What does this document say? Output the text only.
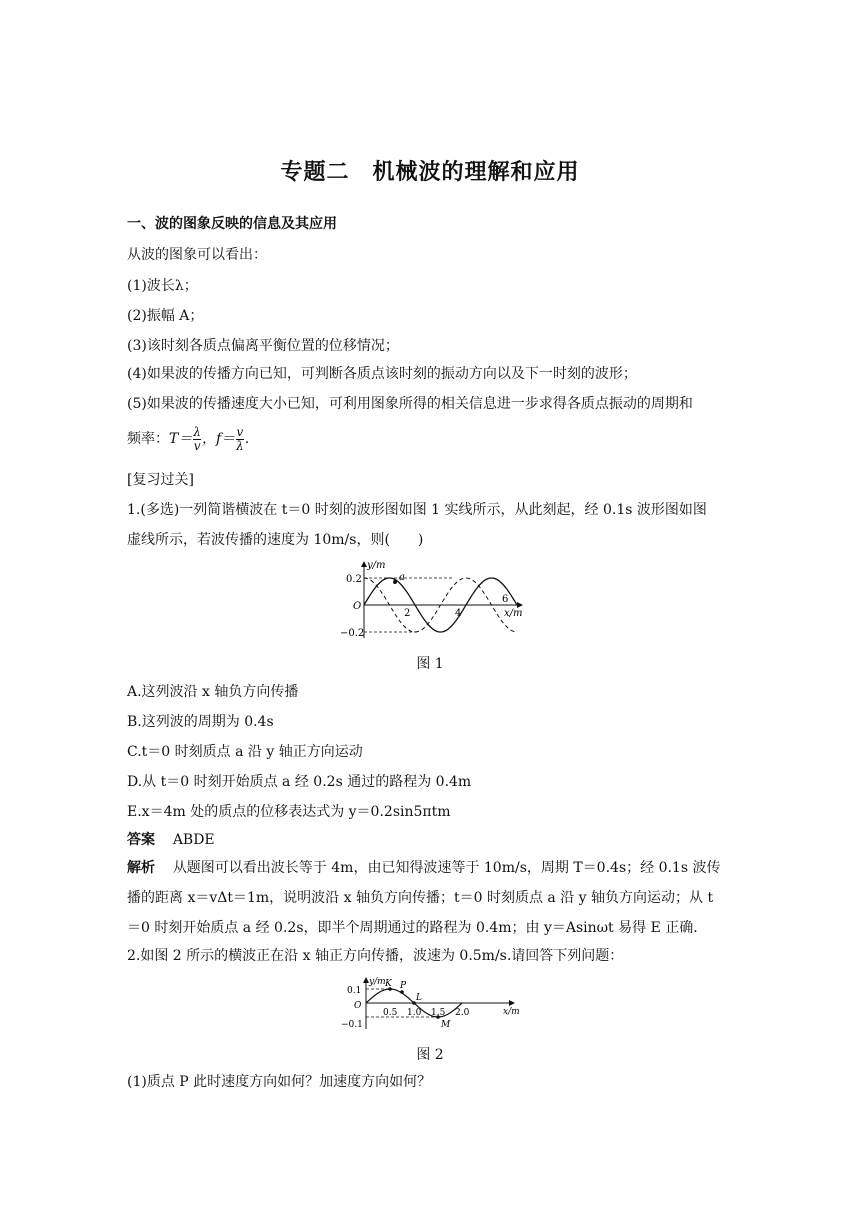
专题二　机械波的理解和应用
一、波的图象反映的信息及其应用
从波的图象可以看出：
(1)波长λ；
(2)振幅 A；
(3)该时刻各质点偏离平衡位置的位移情况；
(4)如果波的传播方向已知，可判断各质点该时刻的振动方向以及下一时刻的波形；
(5)如果波的传播速度大小已知，可利用图象所得的相关信息进一步求得各质点振动的周期和
频率：$T= \frac{\lambda}{v}$ ，$f= \frac{v}{\lambda}$ .
[复习过关]
1.(多选)一列简谐横波在 t＝0 时刻的波形图如图 1 实线所示，从此刻起，经 0.1s 波形图如图
虚线所示，若波传播的速度为 10m/s，则(　　)
y/m
x/m
O
0.2
−0.2
2	4
6
a
图 1
A.这列波沿 x 轴负方向传播
B.这列波的周期为 0.4s
C.t＝0 时刻质点 a 沿 y 轴正方向运动
D.从 t＝0 时刻开始质点 a 经 0.2s 通过的路程为 0.4m
E.x＝4m 处的质点的位移表达式为 y＝0.2sin5πtm
答案 ABDE
解析 从题图可以看出波长等于 4m，由已知得波速等于 10m/s，周期 T＝0.4s；经 0.1s 波传
播的距离 x＝vΔt＝1m，说明波沿 x 轴负方向传播；t＝0 时刻质点 a 沿 y 轴负方向运动；从 t
＝0 时刻开始质点 a 经 0.2s，即半个周期通过的路程为 0.4m；由 y＝Asinωt 易得 E 正确.
2.如图 2 所示的横波正在沿 x 轴正方向传播，波速为 0.5m/s.请回答下列问题：
y/m
x/m
O
0.1
−0.1
0.5 1.0 1.5 2.0
K P
L
M
图 2
(1)质点 P 此时速度方向如何？加速度方向如何？
